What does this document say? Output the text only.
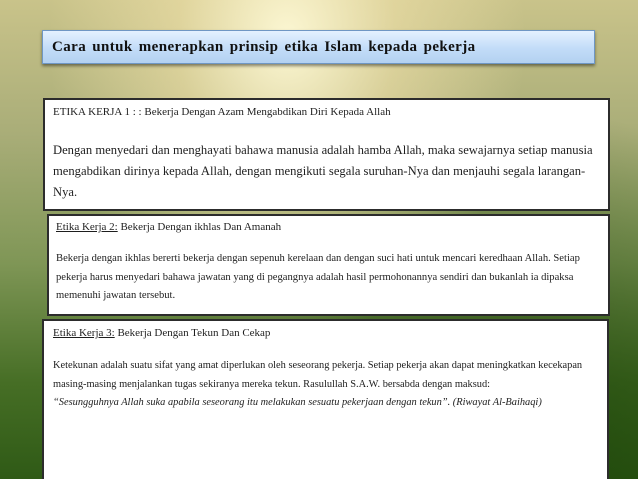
Cara untuk menerapkan prinsip etika Islam kepada pekerja
ETIKA KERJA 1 : : Bekerja Dengan Azam Mengabdikan Diri Kepada Allah
Dengan menyedari dan menghayati bahawa manusia adalah hamba Allah, maka sewajarnya setiap manusia mengabdikan dirinya kepada Allah, dengan mengikuti segala suruhan-Nya dan menjauhi segala larangan-Nya.
Etika Kerja 2: Bekerja Dengan ikhlas Dan Amanah
Bekerja dengan ikhlas bererti bekerja dengan sepenuh kerelaan dan dengan suci hati untuk mencari keredhaan Allah. Setiap pekerja harus menyedari bahawa jawatan yang di pegangnya adalah hasil permohonannya sendiri dan bukanlah ia dipaksa memenuhi jawatan tersebut.
Etika Kerja 3: Bekerja Dengan Tekun Dan Cekap
Ketekunan adalah suatu sifat yang amat diperlukan oleh seseorang pekerja. Setiap pekerja akan dapat meningkatkan kecekapan masing-masing menjalankan tugas sekiranya mereka tekun. Rasulullah S.A.W. bersabda dengan maksud:
“Sesungguhnya Allah suka apabila seseorang itu melakukan sesuatu pekerjaan dengan tekun”. (Riwayat Al-Baihaqi)
